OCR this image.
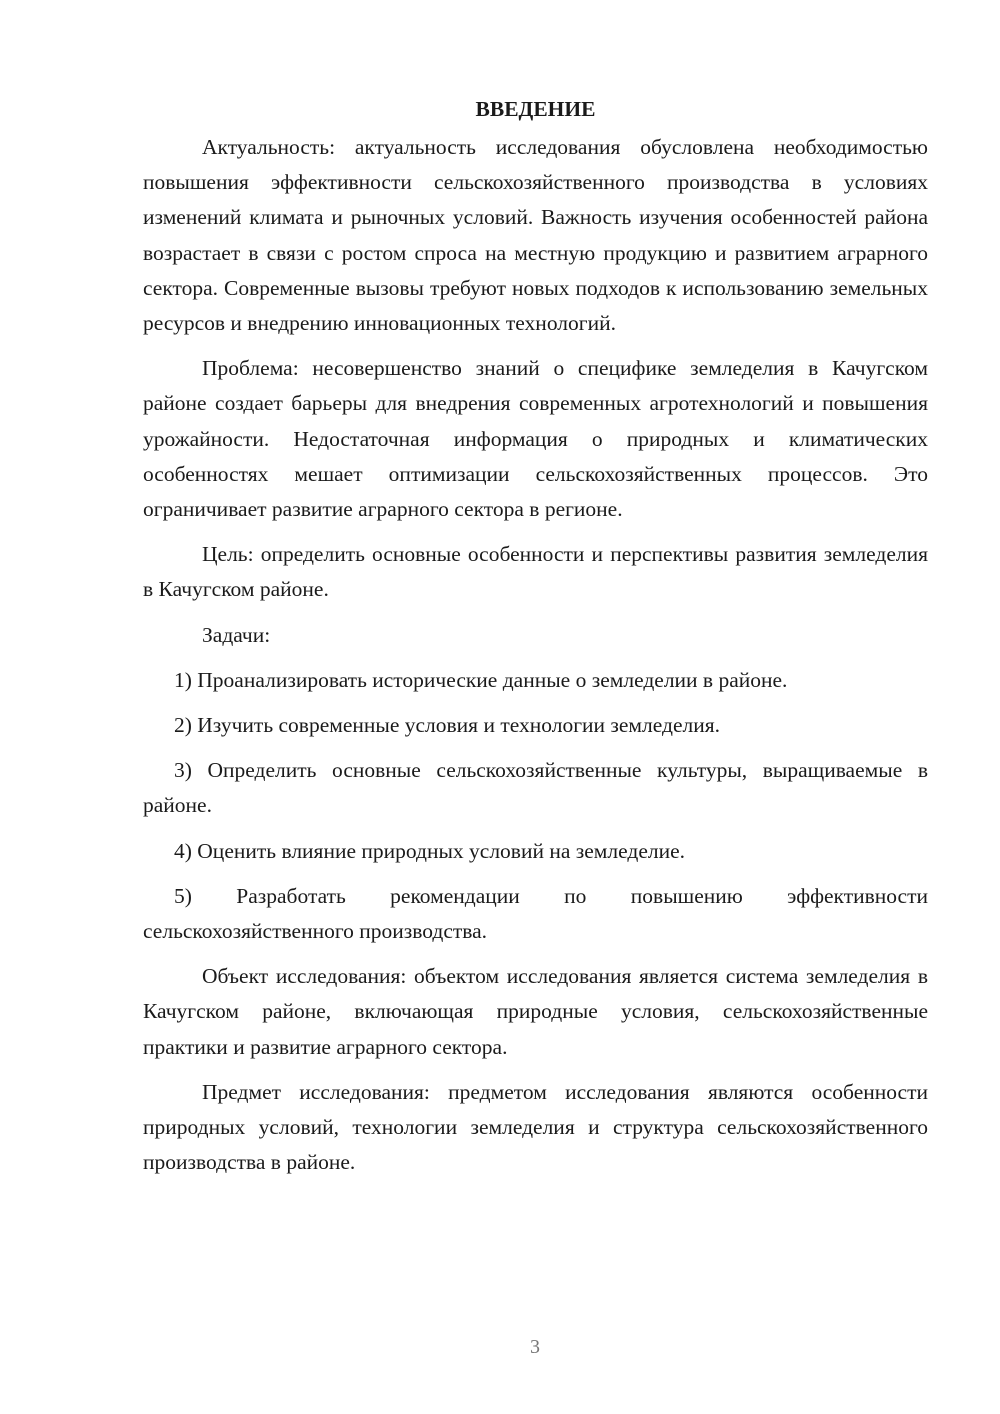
ВВЕДЕНИЕ

Актуальность: актуальность исследования обусловлена необходимостью повышения эффективности сельскохозяйственного производства в условиях изменений климата и рыночных условий. Важность изучения особенностей района возрастает в связи с ростом спроса на местную продукцию и развитием аграрного сектора. Современные вызовы требуют новых подходов к использованию земельных ресурсов и внедрению инновационных технологий.

Проблема: несовершенство знаний о специфике земледелия в Качугском районе создает барьеры для внедрения современных агротехнологий и повышения урожайности. Недостаточная информация о природных и климатических особенностях мешает оптимизации сельскохозяйственных процессов. Это ограничивает развитие аграрного сектора в регионе.

Цель: определить основные особенности и перспективы развития земледелия в Качугском районе.

Задачи:

1) Проанализировать исторические данные о земледелии в районе.

2) Изучить современные условия и технологии земледелия.

3) Определить основные сельскохозяйственные культуры, выращиваемые в районе.

4) Оценить влияние природных условий на земледелие.

5) Разработать рекомендации по повышению эффективности сельскохозяйственного производства.

Объект исследования: объектом исследования является система земледелия в Качугском районе, включающая природные условия, сельскохозяйственные практики и развитие аграрного сектора.

Предмет исследования: предметом исследования являются особенности природных условий, технологии земледелия и структура сельскохозяйственного производства в районе.

3
